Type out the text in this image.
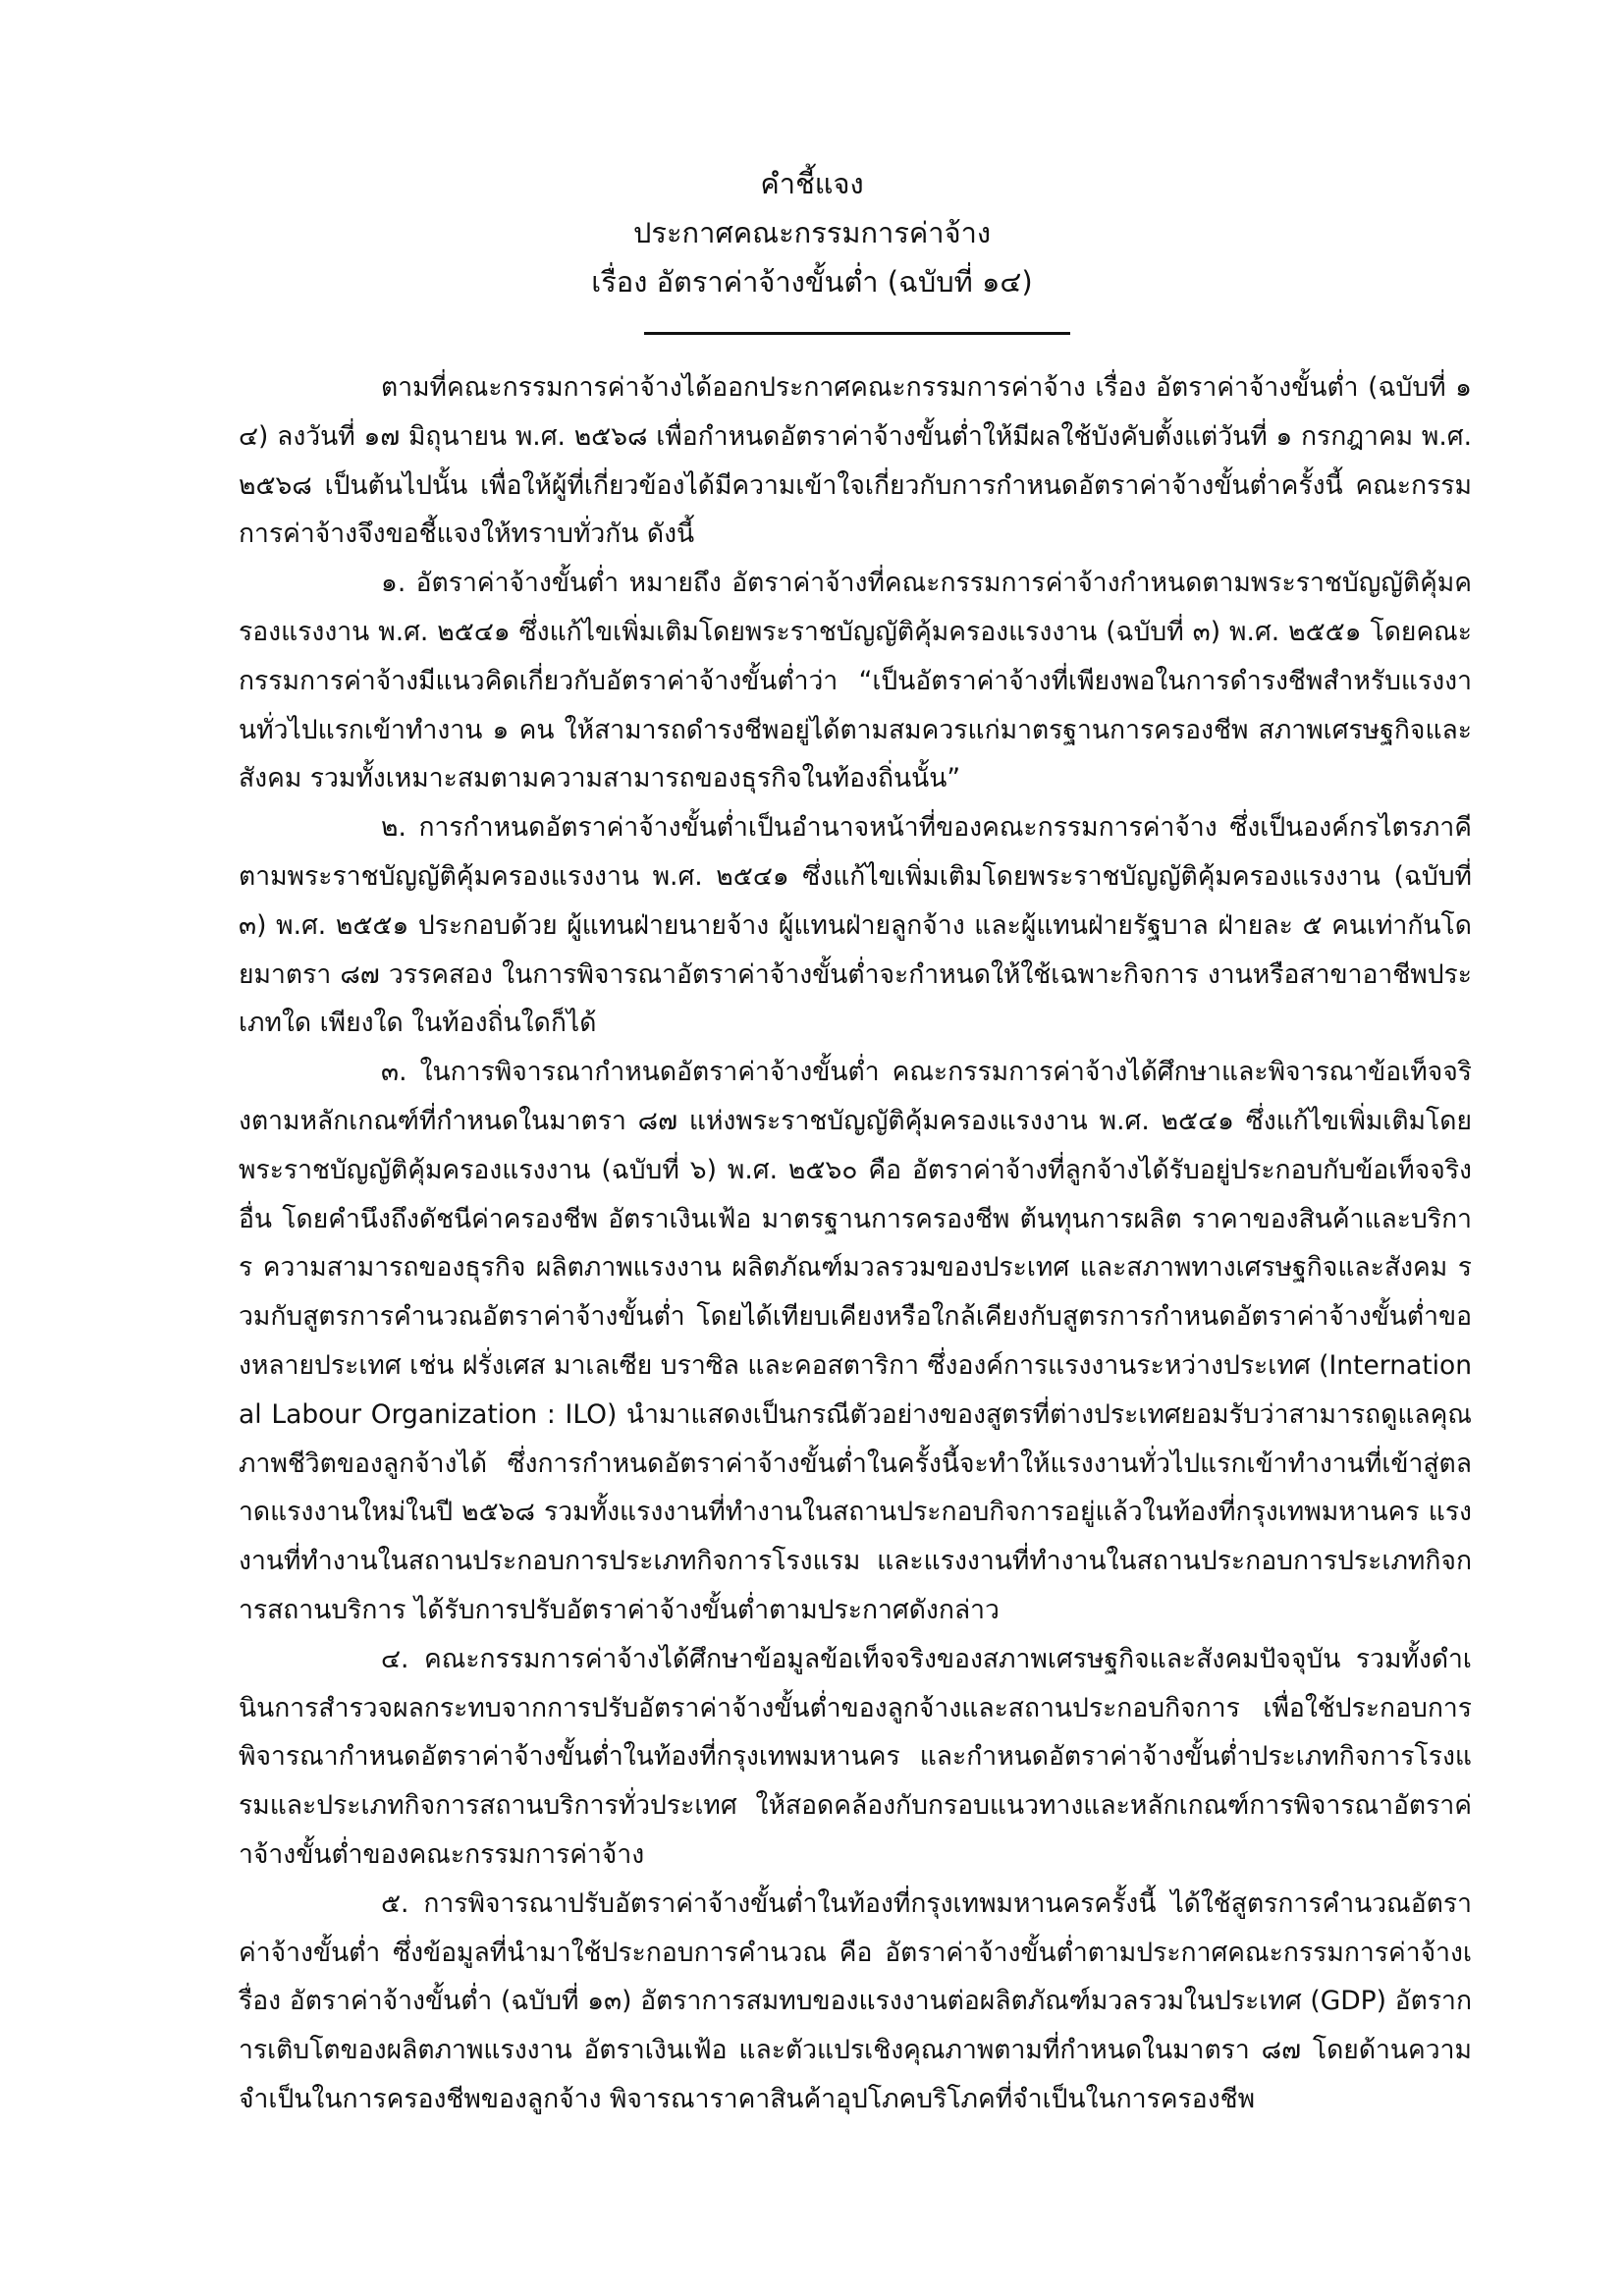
คำชี้แจง
ประกาศคณะกรรมการค่าจ้าง
เรื่อง อัตราค่าจ้างขั้นต่ำ (ฉบับที่ ๑๔)

ตามที่คณะกรรมการค่าจ้างได้ออกประกาศคณะกรรมการค่าจ้าง เรื่อง อัตราค่าจ้างขั้นต่ำ (ฉบับที่ ๑๔) ลงวันที่ ๑๗ มิถุนายน พ.ศ. ๒๕๖๘ เพื่อกำหนดอัตราค่าจ้างขั้นต่ำให้มีผลใช้บังคับตั้งแต่วันที่ ๑ กรกฎาคม พ.ศ. ๒๕๖๘ เป็นต้นไปนั้น เพื่อให้ผู้ที่เกี่ยวข้องได้มีความเข้าใจเกี่ยวกับการกำหนดอัตราค่าจ้างขั้นต่ำครั้งนี้ คณะกรรมการค่าจ้างจึงขอชี้แจงให้ทราบทั่วกัน ดังนี้

๑. อัตราค่าจ้างขั้นต่ำ หมายถึง อัตราค่าจ้างที่คณะกรรมการค่าจ้างกำหนดตามพระราชบัญญัติคุ้มครองแรงงาน พ.ศ. ๒๕๔๑ ซึ่งแก้ไขเพิ่มเติมโดยพระราชบัญญัติคุ้มครองแรงงาน (ฉบับที่ ๓) พ.ศ. ๒๕๕๑ โดยคณะกรรมการค่าจ้างมีแนวคิดเกี่ยวกับอัตราค่าจ้างขั้นต่ำว่า “เป็นอัตราค่าจ้างที่เพียงพอในการดำรงชีพสำหรับแรงงานทั่วไปแรกเข้าทำงาน ๑ คน ให้สามารถดำรงชีพอยู่ได้ตามสมควรแก่มาตรฐานการครองชีพ สภาพเศรษฐกิจและสังคม รวมทั้งเหมาะสมตามความสามารถของธุรกิจในท้องถิ่นนั้น”

๒. การกำหนดอัตราค่าจ้างขั้นต่ำเป็นอำนาจหน้าที่ของคณะกรรมการค่าจ้าง ซึ่งเป็นองค์กรไตรภาคีตามพระราชบัญญัติคุ้มครองแรงงาน พ.ศ. ๒๕๔๑ ซึ่งแก้ไขเพิ่มเติมโดยพระราชบัญญัติคุ้มครองแรงงาน (ฉบับที่ ๓) พ.ศ. ๒๕๕๑ ประกอบด้วย ผู้แทนฝ่ายนายจ้าง ผู้แทนฝ่ายลูกจ้าง และผู้แทนฝ่ายรัฐบาล ฝ่ายละ ๕ คนเท่ากันโดยมาตรา ๘๗ วรรคสอง ในการพิจารณาอัตราค่าจ้างขั้นต่ำจะกำหนดให้ใช้เฉพาะกิจการ งานหรือสาขาอาชีพประเภทใด เพียงใด ในท้องถิ่นใดก็ได้

๓. ในการพิจารณากำหนดอัตราค่าจ้างขั้นต่ำ คณะกรรมการค่าจ้างได้ศึกษาและพิจารณาข้อเท็จจริงตามหลักเกณฑ์ที่กำหนดในมาตรา ๘๗ แห่งพระราชบัญญัติคุ้มครองแรงงาน พ.ศ. ๒๕๔๑ ซึ่งแก้ไขเพิ่มเติมโดยพระราชบัญญัติคุ้มครองแรงงาน (ฉบับที่ ๖) พ.ศ. ๒๕๖๐ คือ อัตราค่าจ้างที่ลูกจ้างได้รับอยู่ประกอบกับข้อเท็จจริงอื่น โดยคำนึงถึงดัชนีค่าครองชีพ อัตราเงินเฟ้อ มาตรฐานการครองชีพ ต้นทุนการผลิต ราคาของสินค้าและบริการ ความสามารถของธุรกิจ ผลิตภาพแรงงาน ผลิตภัณฑ์มวลรวมของประเทศ และสภาพทางเศรษฐกิจและสังคม รวมกับสูตรการคำนวณอัตราค่าจ้างขั้นต่ำ โดยได้เทียบเคียงหรือใกล้เคียงกับสูตรการกำหนดอัตราค่าจ้างขั้นต่ำของหลายประเทศ เช่น ฝรั่งเศส มาเลเซีย บราซิล และคอสตาริกา ซึ่งองค์การแรงงานระหว่างประเทศ (International Labour Organization : ILO) นำมาแสดงเป็นกรณีตัวอย่างของสูตรที่ต่างประเทศยอมรับว่าสามารถดูแลคุณภาพชีวิตของลูกจ้างได้ ซึ่งการกำหนดอัตราค่าจ้างขั้นต่ำในครั้งนี้จะทำให้แรงงานทั่วไปแรกเข้าทำงานที่เข้าสู่ตลาดแรงงานใหม่ในปี ๒๕๖๘ รวมทั้งแรงงานที่ทำงานในสถานประกอบกิจการอยู่แล้วในท้องที่กรุงเทพมหานคร แรงงานที่ทำงานในสถานประกอบการประเภทกิจการโรงแรม และแรงงานที่ทำงานในสถานประกอบการประเภทกิจการสถานบริการ ได้รับการปรับอัตราค่าจ้างขั้นต่ำตามประกาศดังกล่าว

๔. คณะกรรมการค่าจ้างได้ศึกษาข้อมูลข้อเท็จจริงของสภาพเศรษฐกิจและสังคมปัจจุบัน รวมทั้งดำเนินการสำรวจผลกระทบจากการปรับอัตราค่าจ้างขั้นต่ำของลูกจ้างและสถานประกอบกิจการ เพื่อใช้ประกอบการพิจารณากำหนดอัตราค่าจ้างขั้นต่ำในท้องที่กรุงเทพมหานคร และกำหนดอัตราค่าจ้างขั้นต่ำประเภทกิจการโรงแรมและประเภทกิจการสถานบริการทั่วประเทศ ให้สอดคล้องกับกรอบแนวทางและหลักเกณฑ์การพิจารณาอัตราค่าจ้างขั้นต่ำของคณะกรรมการค่าจ้าง

๕. การพิจารณาปรับอัตราค่าจ้างขั้นต่ำในท้องที่กรุงเทพมหานครครั้งนี้ ได้ใช้สูตรการคำนวณอัตราค่าจ้างขั้นต่ำ ซึ่งข้อมูลที่นำมาใช้ประกอบการคำนวณ คือ อัตราค่าจ้างขั้นต่ำตามประกาศคณะกรรมการค่าจ้างเรื่อง อัตราค่าจ้างขั้นต่ำ (ฉบับที่ ๑๓) อัตราการสมทบของแรงงานต่อผลิตภัณฑ์มวลรวมในประเทศ (GDP) อัตราการเติบโตของผลิตภาพแรงงาน อัตราเงินเฟ้อ และตัวแปรเชิงคุณภาพตามที่กำหนดในมาตรา ๘๗ โดยด้านความจำเป็นในการครองชีพของลูกจ้าง พิจารณาราคาสินค้าอุปโภคบริโภคที่จำเป็นในการครองชีพ
